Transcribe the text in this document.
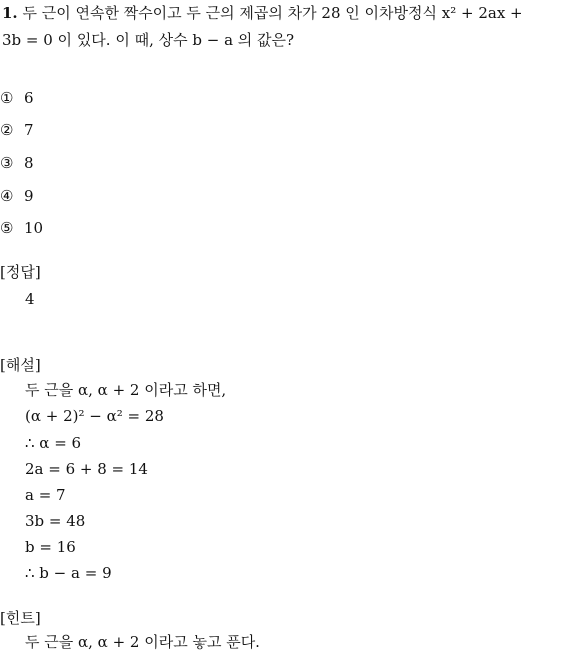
1. 두 근이 연속한 짝수이고 두 근의 제곱의 차가 28 인 이차방정식 x² + 2ax +
3b = 0 이 있다. 이 때, 상수 b − a 의 값은?
① 6
② 7
③ 8
④ 9
⑤ 10
[정답]
4
[해설]
두 근을 α, α + 2 이라고 하면,
(α + 2)² − α² = 28
∴ α = 6
2a = 6 + 8 = 14
a = 7
3b = 48
b = 16
∴ b − a = 9
[힌트]
두 근을 α, α + 2 이라고 놓고 푼다.
